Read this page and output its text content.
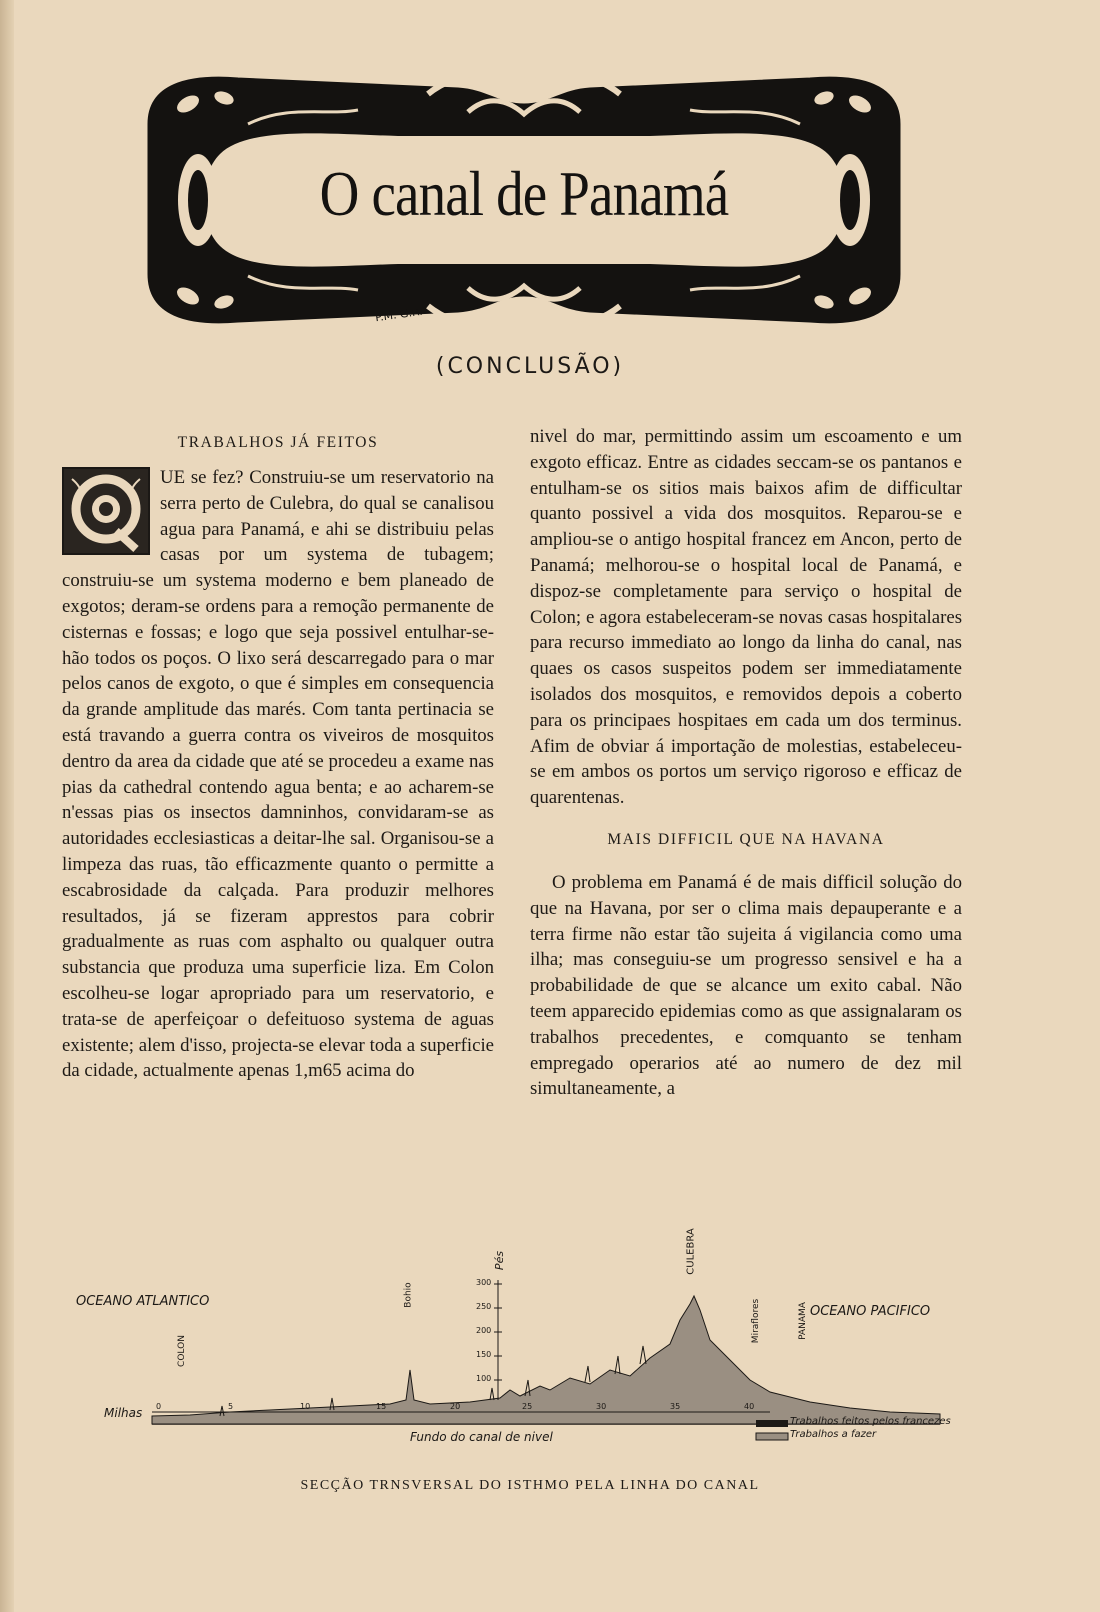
O canal de Panamá
P.M. G.R.
(CONCLUSÃO)
TRABALHOS JÁ FEITOS

UE se fez? Construiu-se um reservatorio na serra perto de Culebra, do qual se canalisou agua para Panamá, e ahi se distribuiu pelas casas por um systema de tubagem; construiu-se um systema moderno e bem planeado de exgotos; deram-se ordens para a remoção permanente de cisternas e fossas; e logo que seja possivel entulhar-se-hão todos os poços. O lixo será descarregado para o mar pelos canos de exgoto, o que é simples em consequencia da grande amplitude das marés. Com tanta pertinacia se está travando a guerra contra os viveiros de mosquitos dentro da area da cidade que até se procedeu a exame nas pias da cathedral contendo agua benta; e ao acharem-se n'essas pias os insectos damninhos, convidaram-se as autoridades ecclesiasticas a deitar-lhe sal. Organisou-se a limpeza das ruas, tão efficazmente quanto o permitte a escabrosidade da calçada. Para produzir melhores resultados, já se fizeram apprestos para cobrir gradualmente as ruas com asphalto ou qualquer outra substancia que produza uma superficie liza. Em Colon escolheu-se logar apropriado para um reservatorio, e trata-se de aperfeiçoar o defeituoso systema de aguas existente; alem d'isso, projecta-se elevar toda a superficie da cidade, actualmente apenas 1,m65 acima do

nivel do mar, permittindo assim um escoamento e um exgoto efficaz. Entre as cidades seccam-se os pantanos e entulham-se os sitios mais baixos afim de difficultar quanto possivel a vida dos mosquitos. Reparou-se e ampliou-se o antigo hospital francez em Ancon, perto de Panamá; melhorou-se o hospital local de Panamá, e dispoz-se completamente para serviço o hospital de Colon; e agora estabeleceram-se novas casas hospitalares para recurso immediato ao longo da linha do canal, nas quaes os casos suspeitos podem ser immediatamente isolados dos mosquitos, e removidos depois a coberto para os principaes hospitaes em cada um dos terminus. Afim de obviar á importação de molestias, estabeleceu-se em ambos os portos um serviço rigoroso e efficaz de quarentenas.

MAIS DIFFICIL QUE NA HAVANA

O problema em Panamá é de mais difficil solução do que na Havana, por ser o clima mais depauperante e a terra firme não estar tão sujeita á vigilancia como uma ilha; mas conseguiu-se um progresso sensivel e ha a probabilidade de que se alcance um exito cabal. Não teem apparecido epidemias como as que assignalaram os trabalhos precedentes, e comquanto se tenham empregado operarios até ao numero de dez mil simultaneamente, a

OCEANO ATLANTICO
OCEANO PACIFICO
COLON
Bohio
CULEBRA
Miraflores	PANAMA
Pés
300
250
200
150
100
Fundo do canal de nivel
Milhas 0	5	10	15	20	25	30	35	40
Trabalhos feitos pelos francezes
Trabalhos a fazer
SECÇÃO TRNSVERSAL DO ISTHMO PELA LINHA DO CANAL
